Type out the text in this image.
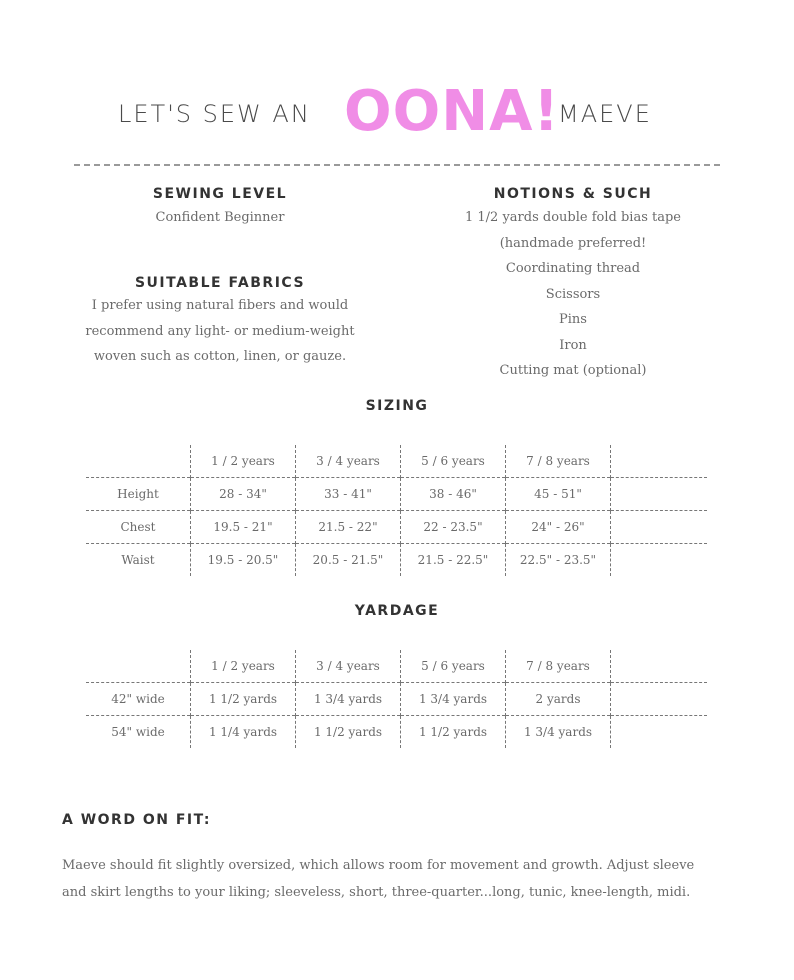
LET'S SEW AN OONA!
MAEVE
SEWING LEVEL
Confident Beginner
SUITABLE FABRICS
I prefer using natural fibers and would
recommend any light- or medium-weight
woven such as cotton, linen, or gauze.
NOTIONS & SUCH
1 1/2 yards double fold bias tape
(handmade preferred!
Coordinating thread
Scissors
Pins
Iron
Cutting mat (optional)
SIZING
	1 / 2 years	3 / 4 years	5 / 6 years	7 / 8 years	
Height	28 - 34"	33 - 41"	38 - 46"	45 - 51"	
Chest	19.5 - 21"	21.5 - 22"	22 - 23.5"	24" - 26"	
Waist	19.5 - 20.5"	20.5 - 21.5"	21.5 - 22.5"	22.5" - 23.5"	
YARDAGE
	1 / 2 years	3 / 4 years	5 / 6 years	7 / 8 years	
42" wide	1 1/2 yards	1 3/4 yards	1 3/4 yards	2 yards	
54" wide	1 1/4 yards	1 1/2 yards	1 1/2 yards	1 3/4 yards	
A WORD ON FIT:
Maeve should fit slightly oversized, which allows room for movement and growth. Adjust sleeve
and skirt lengths to your liking; sleeveless, short, three-quarter...long, tunic, knee-length, midi.
